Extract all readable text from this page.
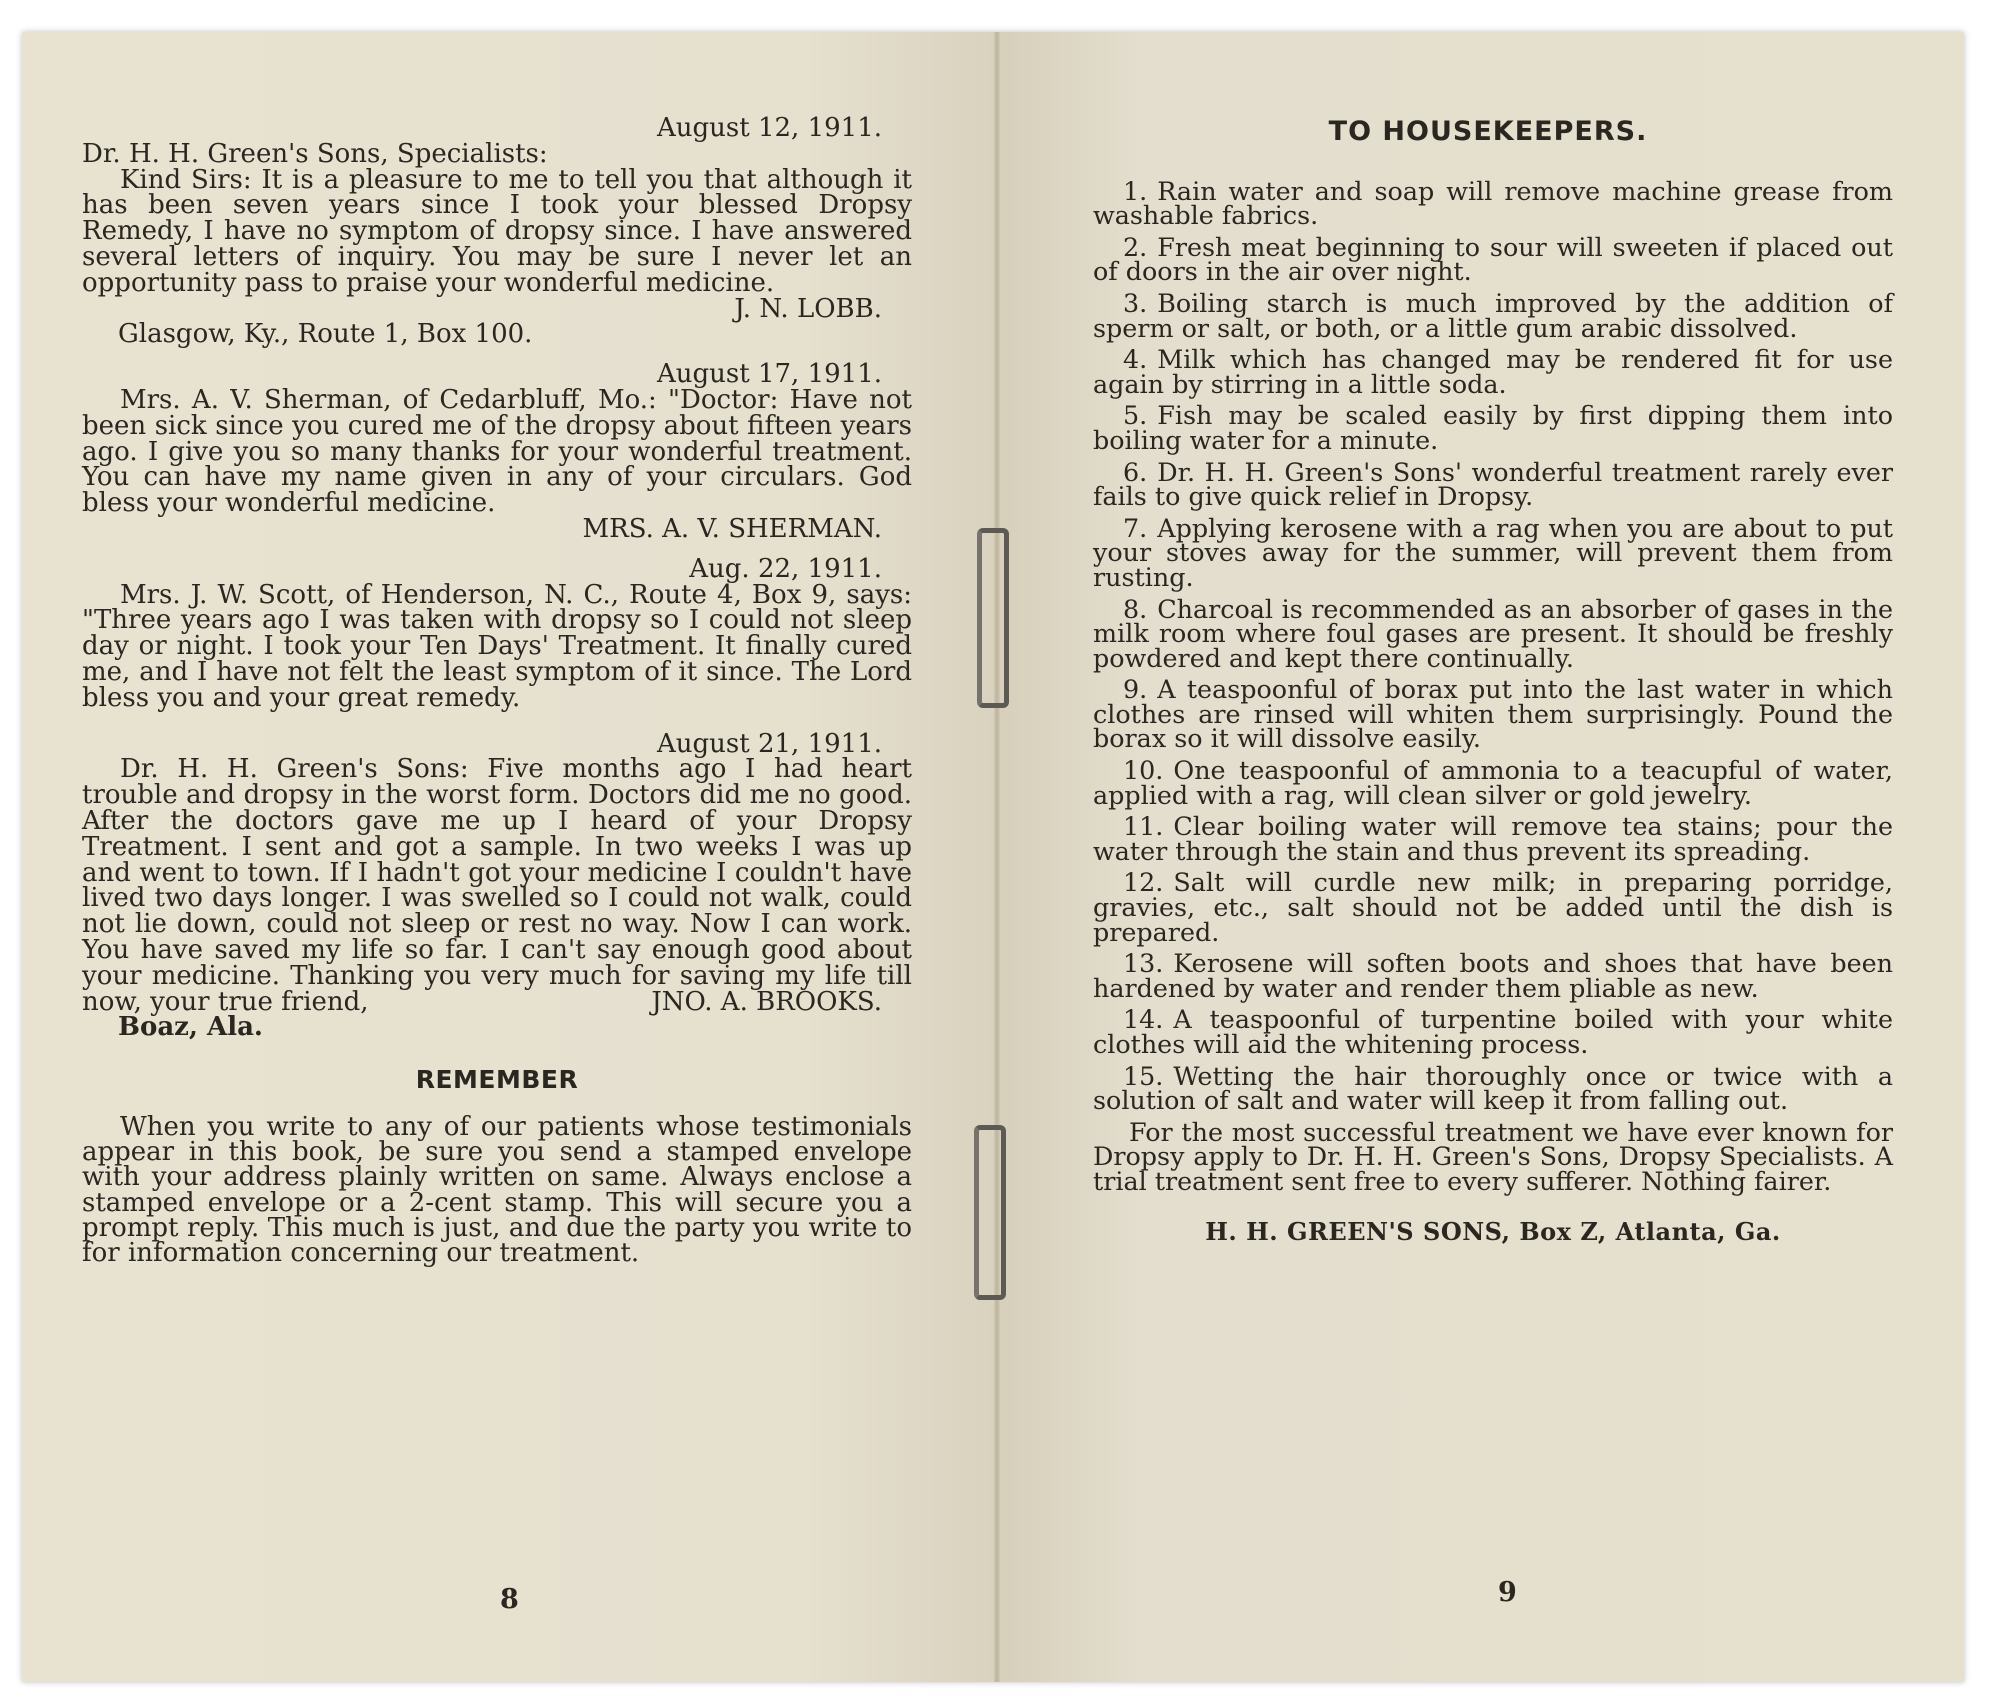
August 12, 1911.

Dr. H. H. Green's Sons, Specialists:

Kind Sirs: It is a pleasure to me to tell you that although it has been seven years since I took your blessed Dropsy Remedy, I have no symptom of dropsy since. I have answered several letters of inquiry. You may be sure I never let an opportunity pass to praise your wonderful medicine.

J. N. LOBB.

Glasgow, Ky., Route 1, Box 100.

August 17, 1911.

Mrs. A. V. Sherman, of Cedarbluff, Mo.: "Doctor: Have not been sick since you cured me of the dropsy about fifteen years ago. I give you so many thanks for your wonderful treatment. You can have my name given in any of your circulars. God bless your wonderful medicine.

MRS. A. V. SHERMAN.

Aug. 22, 1911.

Mrs. J. W. Scott, of Henderson, N. C., Route 4, Box 9, says: "Three years ago I was taken with dropsy so I could not sleep day or night. I took your Ten Days' Treatment. It finally cured me, and I have not felt the least symptom of it since. The Lord bless you and your great remedy.

August 21, 1911.

Dr. H. H. Green's Sons: Five months ago I had heart trouble and dropsy in the worst form. Doctors did me no good. After the doctors gave me up I heard of your Dropsy Treatment. I sent and got a sample. In two weeks I was up and went to town. If I hadn't got your medicine I couldn't have lived two days longer. I was swelled so I could not walk, could not lie down, could not sleep or rest no way. Now I can work. You have saved my life so far. I can't say enough good about your medicine. Thanking you very much for saving my life till now, your true friend,	JNO. A. BROOKS.

Boaz, Ala.

REMEMBER

When you write to any of our patients whose testimonials appear in this book, be sure you send a stamped envelope with your address plainly written on same. Always enclose a stamped envelope or a 2-cent stamp. This will secure you a prompt reply. This much is just, and due the party you write to for information concerning our treatment.

8

TO HOUSEKEEPERS.

1. Rain water and soap will remove machine grease from washable fabrics.

2. Fresh meat beginning to sour will sweeten if placed out of doors in the air over night.

3. Boiling starch is much improved by the addition of sperm or salt, or both, or a little gum arabic dissolved.

4. Milk which has changed may be rendered fit for use again by stirring in a little soda.

5. Fish may be scaled easily by first dipping them into boiling water for a minute.

6. Dr. H. H. Green's Sons' wonderful treatment rarely ever fails to give quick relief in Dropsy.

7. Applying kerosene with a rag when you are about to put your stoves away for the summer, will prevent them from rusting.

8. Charcoal is recommended as an absorber of gases in the milk room where foul gases are present. It should be freshly powdered and kept there continually.

9. A teaspoonful of borax put into the last water in which clothes are rinsed will whiten them surprisingly. Pound the borax so it will dissolve easily.

10. One teaspoonful of ammonia to a teacupful of water, applied with a rag, will clean silver or gold jewelry.

11. Clear boiling water will remove tea stains; pour the water through the stain and thus prevent its spreading.

12. Salt will curdle new milk; in preparing porridge, gravies, etc., salt should not be added until the dish is prepared.

13. Kerosene will soften boots and shoes that have been hardened by water and render them pliable as new.

14. A teaspoonful of turpentine boiled with your white clothes will aid the whitening process.

15. Wetting the hair thoroughly once or twice with a solution of salt and water will keep it from falling out.

For the most successful treatment we have ever known for Dropsy apply to Dr. H. H. Green's Sons, Dropsy Specialists. A trial treatment sent free to every sufferer. Nothing fairer.

H. H. GREEN'S SONS, Box Z, Atlanta, Ga.

9
